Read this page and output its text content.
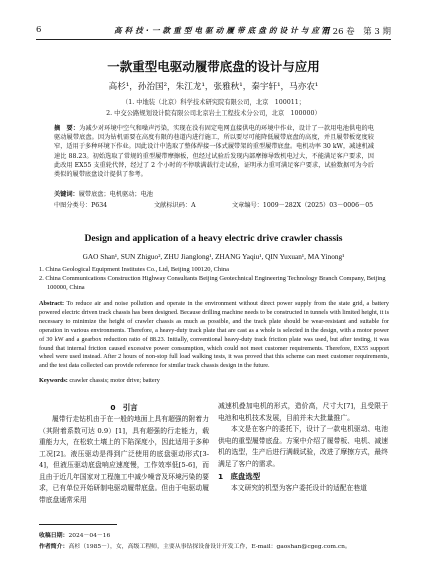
6	高 科 技 · 一 款 重 型 电 驱 动 履 带 底 盘 的 设 计 与 应 用
第 26 卷　第 3 期
一款重型电驱动履带底盘的设计与应用
高杉¹，孙治国²，朱江龙¹，张雅秋¹，秦宇轩¹，马亦农¹
（1. 中地装（北京）科学技术研究院有限公司，北京　100011；
2. 中交公路规划设计院有限公司北京岩土工程技术分公司，北京　100000）
摘　要：为减少对环境中空气和噪声污染，实现在没有固定电网直接供电的环境中作业，设计了一款用电池供电的电驱动履带底盘。因为钻机需要在高度有限的巷道内进行施工，所以要尽可能降低履带底盘的高度，并且履带板宽度较窄，适用于多种环境下作业。因此设计中选取了整体焊接一体式履带架的重型履带底盘。电机功率 30 kW，减速机减速比 88.23。初始选取了常规的重型履带摩擦板，但经过试验后发现内部摩擦导致机电过大，不能满足客户要求，因此改用 EX55 支重轮代替，经过了 2 个小时的不停歇满载行走试验，证明承力重可满足客户要求，试验数据可为今后类似的履带底盘设计提供了参考。
关键词：履带底盘；电机驱动；电池
中图分类号：P634	文献标识码：A	文章编号：1009－282X（2025）03－0006－05
Design and application of a heavy electric drive crawler chassis
GAO Shan¹, SUN Zhiguo², ZHU Jianglong¹, ZHANG Yaqiu¹, QIN Yuxuan¹, MA Yinong¹
1. China Geological Equipment Institutes Co., Ltd, Beijing 100120, China
2. China Communications Construction Highway Consultants Beijing Geotechnical Engineering Technology Branch Company, Beijing
　 100000, China
Abstract: To reduce air and noise pollution and operate in the environment without direct power supply from the state grid, a battery powered electric driven track chassis has been designed. Because drilling machine needs to be constructed in tunnels with limited height, it is necessary to minimize the height of crawler chassis as much as possible, and the track plate should be wear-resistant and suitable for operation in various environments. Therefore, a heavy-duty track plate that are cast as a whole is selected in the design, with a motor power of 30 kW and a gearbox reduction ratio of 88.23. Initially, conventional heavy-duty track friction plate was used, but after testing, it was found that internal friction caused excessive power consumption, which could not meet customer requirements. Therefore, EX55 support wheel were used instead. After 2 hours of non-stop full load walking tests, it was proved that this scheme can meet customer requirements, and the test data collected can provide reference for similar track chassis design in the future.
Keywords: crawler chassis; motor drive; battery
0　引言
履带行走钻机由于在一般的地面上具有超强的附着力（其附着系数可达 0.9）[1]，具有超强的行走能力，载重能力大，在松软土壤上的下陷深度小，因此适用于多种工况[2]。液压驱动是得到广泛使用的底盘驱动形式[3-4]，但液压驱动底盘响应速度慢，工作效率低[5-6]，而且由于近几年国家对工程施工中减少噪音及环境污染的要求，已有单位开始研制电驱动履带底盘。但由于电驱动履带底盘通常采用
减速机叠加电机的形式，造价高，尺寸大[7]，且受限于电池和电机技术发展，目前并未大批量推广。
本文是在客户的委托下，设计了一款电机驱动、电池供电的重型履带底盘。方案中介绍了履带板、电机、减速机的选型，生产后进行满载试验，改进了摩擦方式，最终满足了客户的需求。
1　底盘选型
本文研究的机型为客户委托设计的适配在巷道
收稿日期：2024－04－16
作者简介：高杉（1985－），女，高级工程师，主要从事钻探设备设计开发工作，E-mail：gaoshan@cgeg.com.cn。
